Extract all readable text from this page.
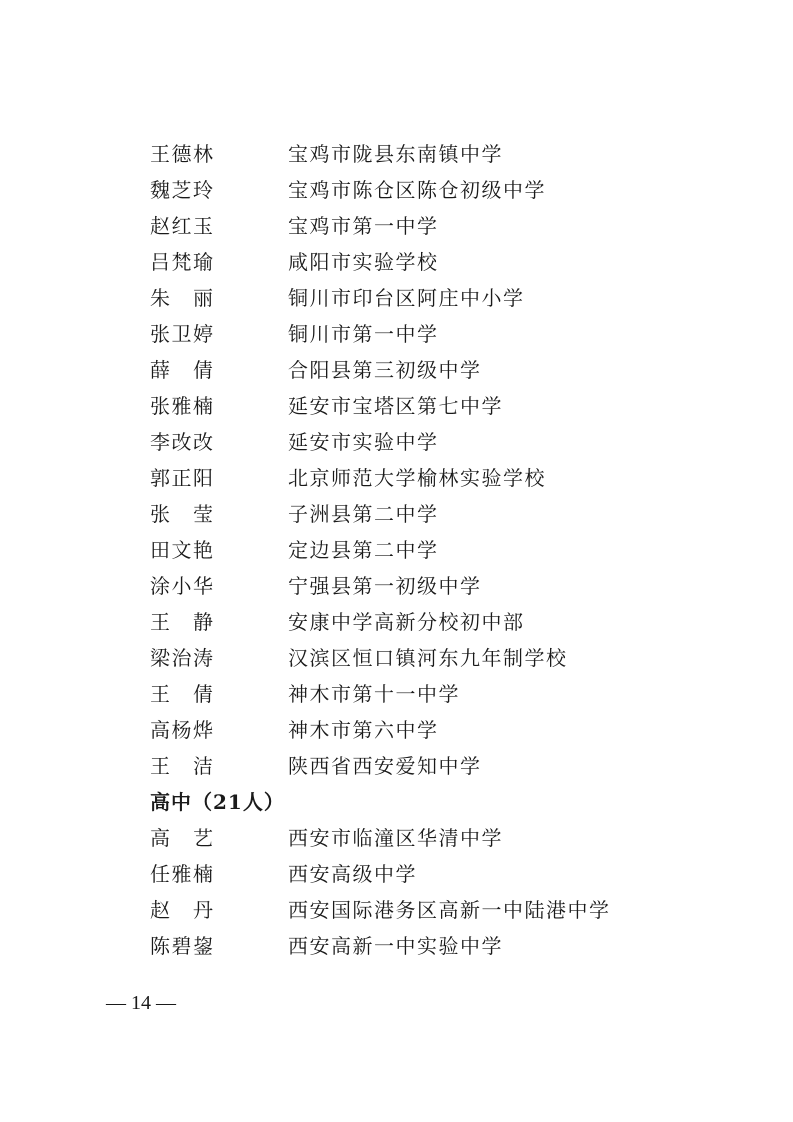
王德林	宝鸡市陇县东南镇中学
魏芝玲	宝鸡市陈仓区陈仓初级中学
赵红玉	宝鸡市第一中学
吕梵瑜	咸阳市实验学校
朱丽	铜川市印台区阿庄中小学
张卫婷	铜川市第一中学
薛倩	合阳县第三初级中学
张雅楠	延安市宝塔区第七中学
李改改	延安市实验中学
郭正阳	北京师范大学榆林实验学校
张莹	子洲县第二中学
田文艳	定边县第二中学
涂小华	宁强县第一初级中学
王静	安康中学高新分校初中部
梁治涛	汉滨区恒口镇河东九年制学校
王倩	神木市第十一中学
高杨烨	神木市第六中学
王洁	陕西省西安爱知中学
高中（21人）
高艺	西安市临潼区华清中学
任雅楠	西安高级中学
赵丹	西安国际港务区高新一中陆港中学
陈碧鋆	西安高新一中实验中学
— 14 —
